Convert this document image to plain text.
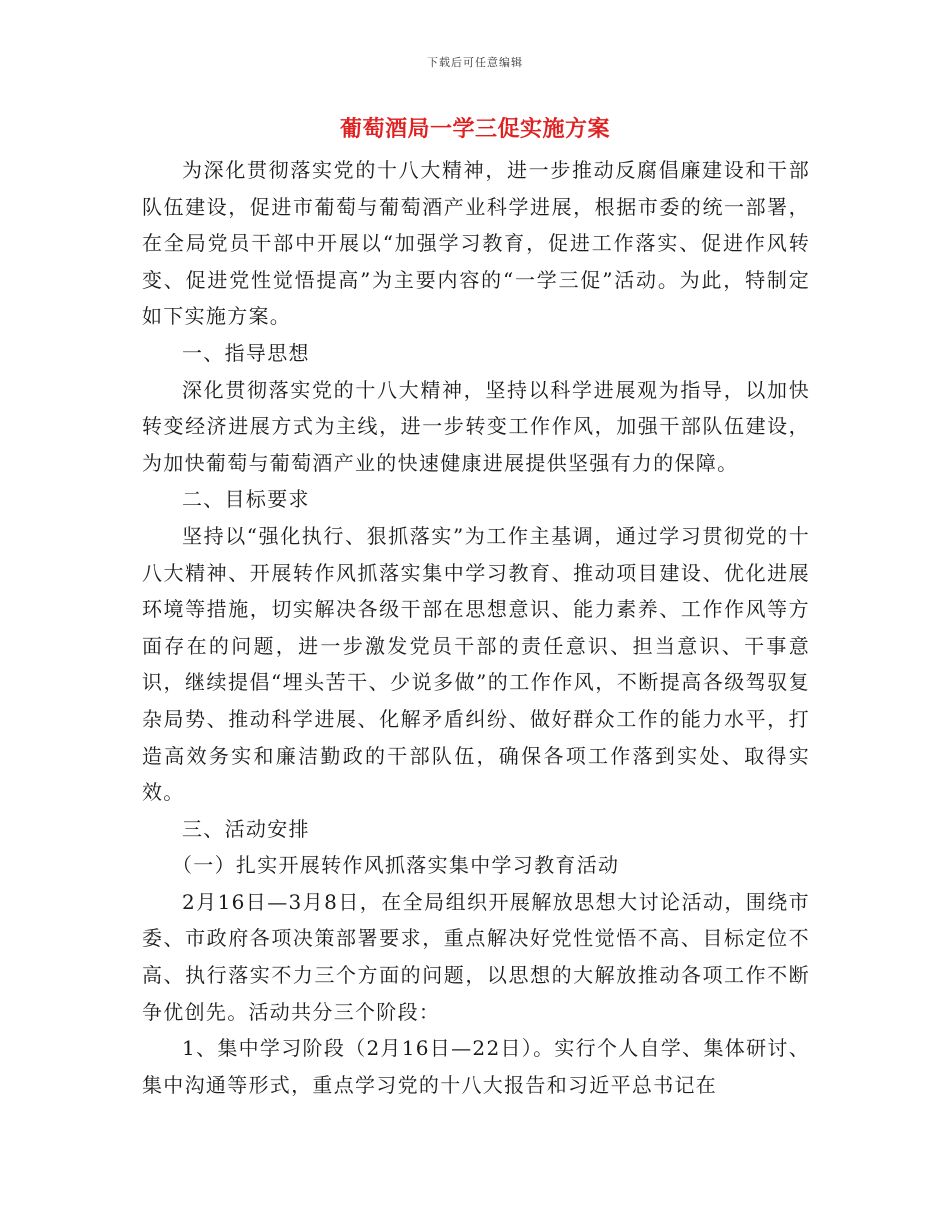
下载后可任意编辑
葡萄酒局一学三促实施方案

为深化贯彻落实党的十八大精神，进一步推动反腐倡廉建设和干部队伍建设，促进市葡萄与葡萄酒产业科学进展，根据市委的统一部署，在全局党员干部中开展以“加强学习教育，促进工作落实、促进作风转变、促进党性觉悟提高”为主要内容的“一学三促”活动。为此，特制定如下实施方案。

一、指导思想

深化贯彻落实党的十八大精神，坚持以科学进展观为指导，以加快转变经济进展方式为主线，进一步转变工作作风，加强干部队伍建设，为加快葡萄与葡萄酒产业的快速健康进展提供坚强有力的保障。

二、目标要求

坚持以“强化执行、狠抓落实”为工作主基调，通过学习贯彻党的十八大精神、开展转作风抓落实集中学习教育、推动项目建设、优化进展环境等措施，切实解决各级干部在思想意识、能力素养、工作作风等方面存在的问题，进一步激发党员干部的责任意识、担当意识、干事意识，继续提倡“埋头苦干、少说多做”的工作作风，不断提高各级驾驭复杂局势、推动科学进展、化解矛盾纠纷、做好群众工作的能力水平，打造高效务实和廉洁勤政的干部队伍，确保各项工作落到实处、取得实效。

三、活动安排

（一）扎实开展转作风抓落实集中学习教育活动

2月16日—3月8日，在全局组织开展解放思想大讨论活动，围绕市委、市政府各项决策部署要求，重点解决好党性觉悟不高、目标定位不高、执行落实不力三个方面的问题，以思想的大解放推动各项工作不断争优创先。活动共分三个阶段：

1、集中学习阶段（2月16日—22日）。实行个人自学、集体研讨、集中沟通等形式，重点学习党的十八大报告和习近平总书记在
